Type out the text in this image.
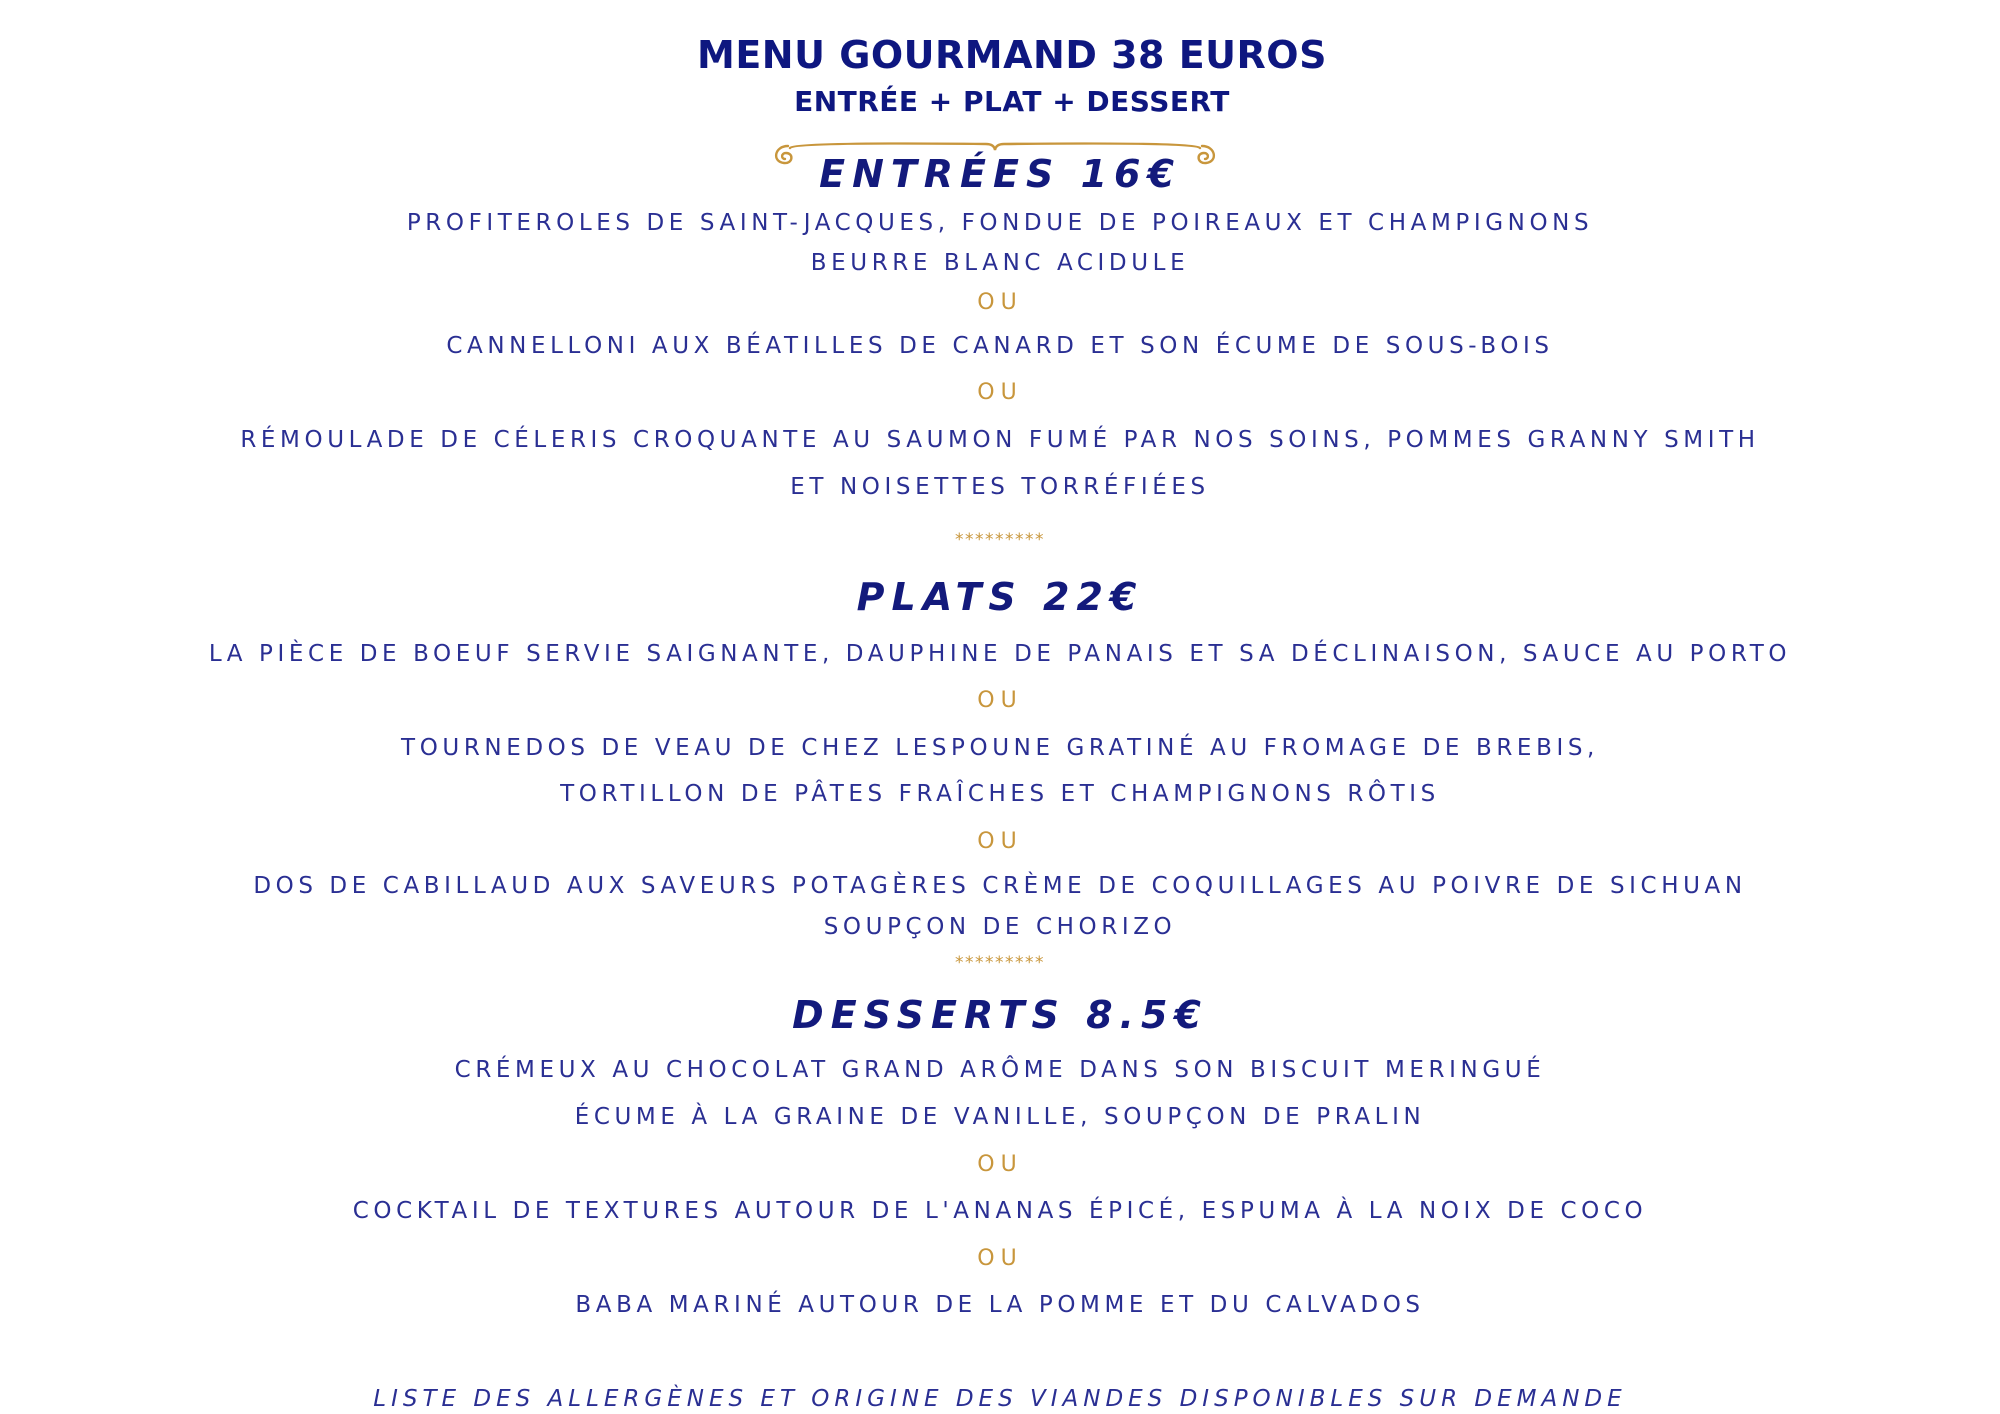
MENU GOURMAND 38 EUROS
ENTRÉE + PLAT + DESSERT
ENTRÉES 16€

PROFITEROLES DE SAINT-JACQUES, FONDUE DE POIREAUX ET CHAMPIGNONS

BEURRE BLANC ACIDULE

OU

CANNELLONI AUX BÉATILLES DE CANARD ET SON ÉCUME DE SOUS-BOIS

OU

RÉMOULADE DE CÉLERIS CROQUANTE AU SAUMON FUMÉ PAR NOS SOINS, POMMES GRANNY SMITH

ET NOISETTES TORRÉFIÉES

*********

PLATS 22€

LA PIÈCE DE BOEUF SERVIE SAIGNANTE, DAUPHINE DE PANAIS ET SA DÉCLINAISON, SAUCE AU PORTO

OU

TOURNEDOS DE VEAU DE CHEZ LESPOUNE GRATINÉ AU FROMAGE DE BREBIS,

TORTILLON DE PÂTES FRAÎCHES ET CHAMPIGNONS RÔTIS

OU

DOS DE CABILLAUD AUX SAVEURS POTAGÈRES CRÈME DE COQUILLAGES AU POIVRE DE SICHUAN

SOUPÇON DE CHORIZO

*********

DESSERTS 8.5€

CRÉMEUX AU CHOCOLAT GRAND ARÔME DANS SON BISCUIT MERINGUÉ

ÉCUME À LA GRAINE DE VANILLE, SOUPÇON DE PRALIN

OU

COCKTAIL DE TEXTURES AUTOUR DE L'ANANAS ÉPICÉ, ESPUMA À LA NOIX DE COCO

OU

BABA MARINÉ AUTOUR DE LA POMME ET DU CALVADOS

LISTE DES ALLERGÈNES ET ORIGINE DES VIANDES DISPONIBLES SUR DEMANDE
